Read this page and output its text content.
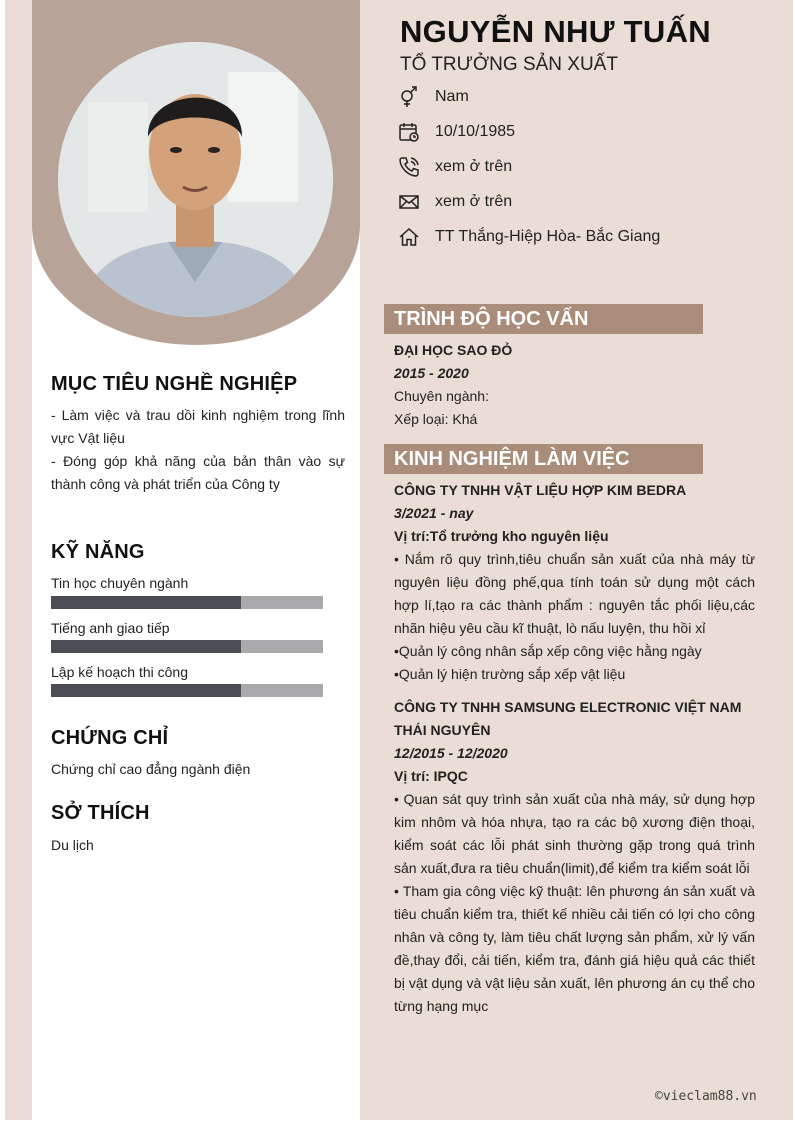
NGUYỄN NHƯ TUẤN
TỔ TRƯỞNG SẢN XUẤT
Nam
10/10/1985
xem ở trên
xem ở trên
TT Thắng-Hiệp Hòa- Bắc Giang
MỤC TIÊU NGHỀ NGHIỆP
- Làm việc và trau dồi kinh nghiệm trong lĩnh vực Vật liệu
- Đóng góp khả năng của bản thân vào sự thành công và phát triển của Công ty
KỸ NĂNG
Tin học chuyên ngành
Tiếng anh giao tiếp
Lập kế hoạch thi công
CHỨNG CHỈ
Chứng chỉ cao đẳng ngành điện
SỞ THÍCH
Du lịch
TRÌNH ĐỘ HỌC VẤN
ĐẠI HỌC SAO ĐỎ
2015 - 2020
Chuyên ngành:
Xếp loại: Khá
KINH NGHIỆM LÀM VIỆC
CÔNG TY TNHH VẬT LIỆU HỢP KIM BEDRA
3/2021 - nay
Vị trí:Tổ trưởng kho nguyên liệu
• Nắm rõ quy trình,tiêu chuẩn sản xuất của nhà máy từ nguyên liệu đồng phế,qua tính toán sử dụng một cách hợp lí,tạo ra các thành phẩm : nguyên tắc phối liệu,các nhãn hiệu yêu cầu kĩ thuật, lò nấu luyện, thu hồi xỉ
•Quản lý công nhân sắp xếp công việc hằng ngày
•Quản lý hiện trường sắp xếp vật liệu
CÔNG TY TNHH SAMSUNG ELECTRONIC VIỆT NAM THÁI NGUYÊN
12/2015 - 12/2020
Vị trí: IPQC
• Quan sát quy trình sản xuất của nhà máy, sử dụng hợp kim nhôm và hóa nhựa, tạo ra các bộ xương điện thoại, kiểm soát các lỗi phát sinh thường gặp trong quá trình sản xuất,đưa ra tiêu chuẩn(limit),để kiểm tra kiểm soát lỗi
• Tham gia công việc kỹ thuật: lên phương án sản xuất và tiêu chuẩn kiểm tra, thiết kế nhiều cải tiến có lợi cho công nhân và công ty, làm tiêu chất lượng sản phẩm, xử lý vấn đề,thay đổi, cải tiến, kiểm tra, đánh giá hiệu quả các thiết bị vật dụng và vật liệu sản xuất, lên phương án cụ thể cho từng hạng mục
©vieclam88.vn
